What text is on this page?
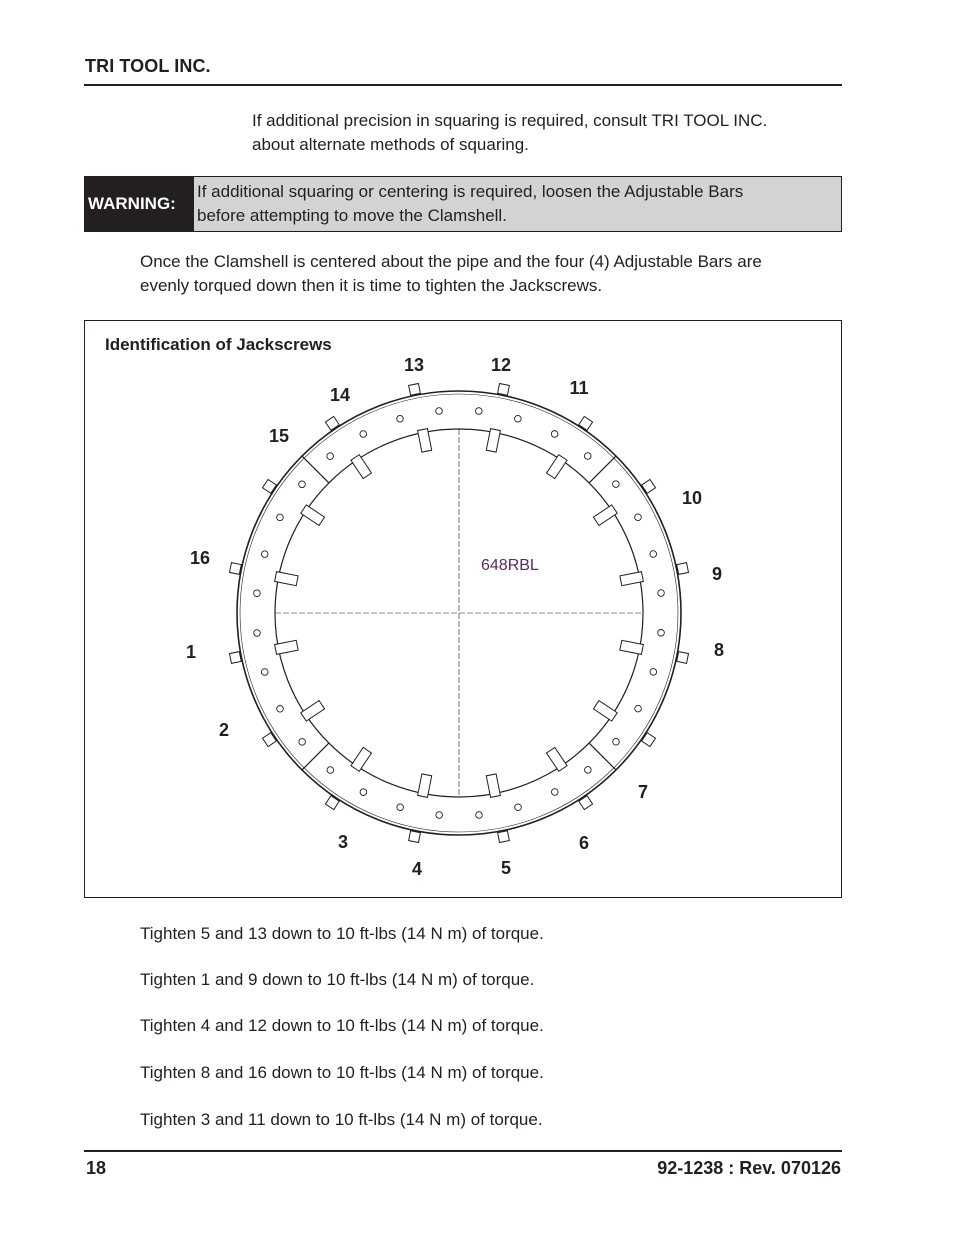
TRI TOOL INC.
If additional precision in squaring is required, consult TRI TOOL INC.
about alternate methods of squaring.
WARNING:
If additional squaring or centering is required, loosen the Adjustable Bars
before attempting to move the Clamshell.
Once the Clamshell is centered about the pipe and the four (4) Adjustable Bars are
evenly torqued down then it is time to tighten the Jackscrews.
Identification of Jackscrews
648RBL
1
2
3
4	5
6
7
8
9
10
11
12
13
14
15
16
Tighten 5 and 13 down to 10 ft-lbs (14 N m) of torque.
Tighten 1 and 9 down to 10 ft-lbs (14 N m) of torque.
Tighten 4 and 12 down to 10 ft-lbs (14 N m) of torque.
Tighten 8 and 16 down to 10 ft-lbs (14 N m) of torque.
Tighten 3 and 11 down to 10 ft-lbs (14 N m) of torque.
18	92-1238 : Rev. 070126
